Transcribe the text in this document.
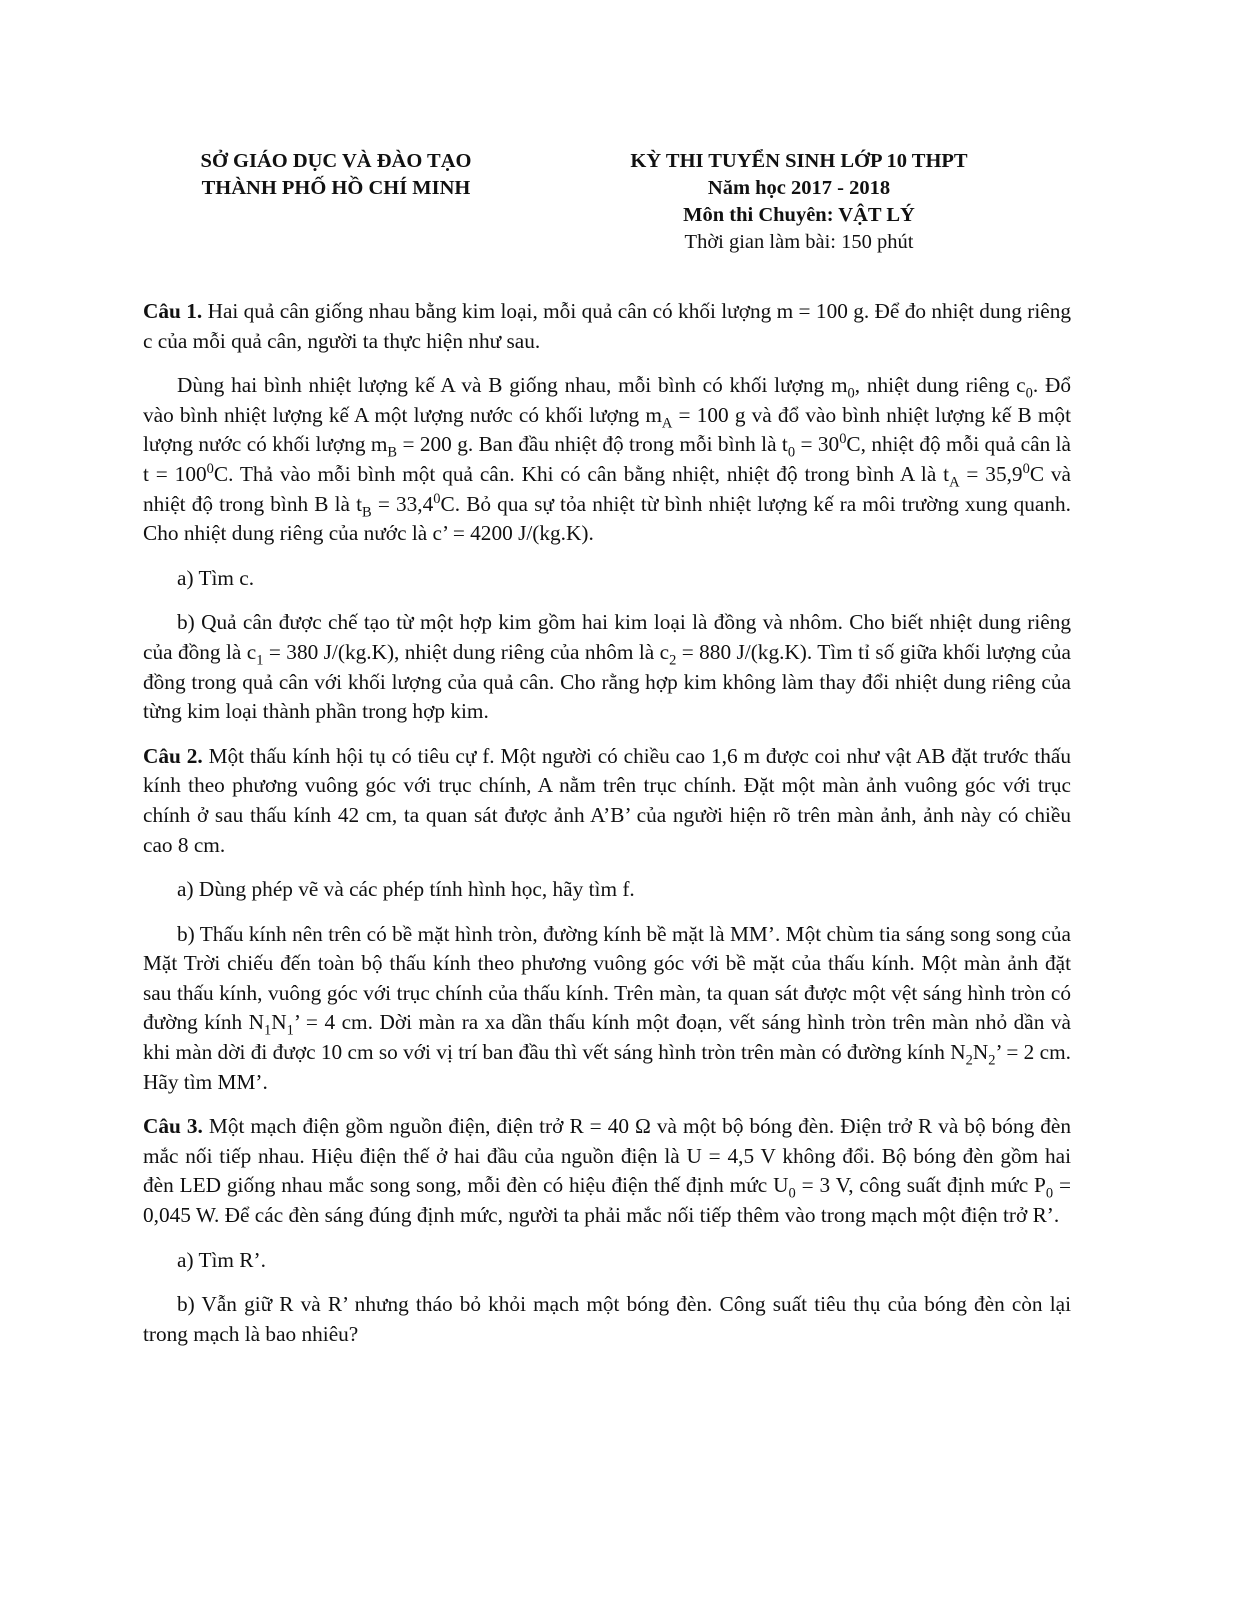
SỞ GIÁO DỤC VÀ ĐÀO TẠO
THÀNH PHỐ HỒ CHÍ MINH
KỲ THI TUYỂN SINH LỚP 10 THPT
Năm học 2017 - 2018
Môn thi Chuyên: VẬT LÝ
Thời gian làm bài: 150 phút

Câu 1. Hai quả cân giống nhau bằng kim loại, mỗi quả cân có khối lượng m = 100 g. Để đo nhiệt dung riêng c của mỗi quả cân, người ta thực hiện như sau.

Dùng hai bình nhiệt lượng kế A và B giống nhau, mỗi bình có khối lượng $m_0$, nhiệt dung riêng $c_0$. Đổ vào bình nhiệt lượng kế A một lượng nước có khối lượng $m_A = 100$ g và đổ vào bình nhiệt lượng kế B một lượng nước có khối lượng $m_B = 200$ g. Ban đầu nhiệt độ trong mỗi bình là $t_0 = 30^0C$, nhiệt độ mỗi quả cân là $t = 100^0C$. Thả vào mỗi bình một quả cân. Khi có cân bằng nhiệt, nhiệt độ trong bình A là $t_A = 35,9^0C$ và nhiệt độ trong bình B là $t_B = 33,4^0C$. Bỏ qua sự tỏa nhiệt từ bình nhiệt lượng kế ra môi trường xung quanh. Cho nhiệt dung riêng của nước là c’ = 4200 J/(kg.K).

a) Tìm c.

b) Quả cân được chế tạo từ một hợp kim gồm hai kim loại là đồng và nhôm. Cho biết nhiệt dung riêng của đồng là $c_1 = 380$ J/(kg.K), nhiệt dung riêng của nhôm là $c_2 = 880$ J/(kg.K). Tìm tỉ số giữa khối lượng của đồng trong quả cân với khối lượng của quả cân. Cho rằng hợp kim không làm thay đổi nhiệt dung riêng của từng kim loại thành phần trong hợp kim.

Câu 2. Một thấu kính hội tụ có tiêu cự f. Một người có chiều cao 1,6 m được coi như vật AB đặt trước thấu kính theo phương vuông góc với trục chính, A nằm trên trục chính. Đặt một màn ảnh vuông góc với trục chính ở sau thấu kính 42 cm, ta quan sát được ảnh A’B’ của người hiện rõ trên màn ảnh, ảnh này có chiều cao 8 cm.

a) Dùng phép vẽ và các phép tính hình học, hãy tìm f.

b) Thấu kính nên trên có bề mặt hình tròn, đường kính bề mặt là MM’. Một chùm tia sáng song song của Mặt Trời chiếu đến toàn bộ thấu kính theo phương vuông góc với bề mặt của thấu kính. Một màn ảnh đặt sau thấu kính, vuông góc với trục chính của thấu kính. Trên màn, ta quan sát được một vệt sáng hình tròn có đường kính $N_1N_1$’ = 4 cm. Dời màn ra xa dần thấu kính một đoạn, vết sáng hình tròn trên màn nhỏ dần và khi màn dời đi được 10 cm so với vị trí ban đầu thì vết sáng hình tròn trên màn có đường kính $N_2N_2$’ = 2 cm. Hãy tìm MM’.

Câu 3. Một mạch điện gồm nguồn điện, điện trở R = 40 Ω và một bộ bóng đèn. Điện trở R và bộ bóng đèn mắc nối tiếp nhau. Hiệu điện thế ở hai đầu của nguồn điện là U = 4,5 V không đổi. Bộ bóng đèn gồm hai đèn LED giống nhau mắc song song, mỗi đèn có hiệu điện thế định mức $U_0 = 3$ V, công suất định mức $P_0 = 0,045$ W. Để các đèn sáng đúng định mức, người ta phải mắc nối tiếp thêm vào trong mạch một điện trở R’.

a) Tìm R’.

b) Vẫn giữ R và R’ nhưng tháo bỏ khỏi mạch một bóng đèn. Công suất tiêu thụ của bóng đèn còn lại trong mạch là bao nhiêu?
